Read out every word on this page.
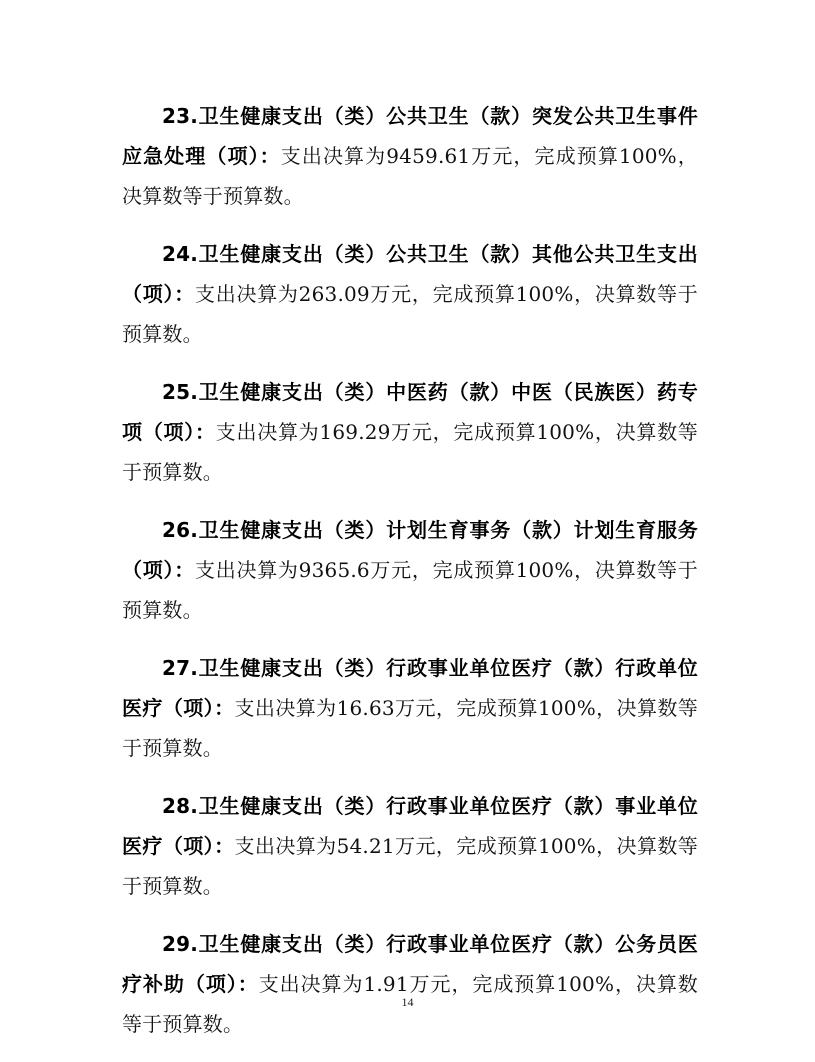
23.卫生健康支出（类）公共卫生（款）突发公共卫生事件应急处理（项）：支出决算为9459.61万元，完成预算100%，决算数等于预算数。

24.卫生健康支出（类）公共卫生（款）其他公共卫生支出（项）：支出决算为263.09万元，完成预算100%，决算数等于预算数。

25.卫生健康支出（类）中医药（款）中医（民族医）药专项（项）：支出决算为169.29万元，完成预算100%，决算数等于预算数。

26.卫生健康支出（类）计划生育事务（款）计划生育服务（项）：支出决算为9365.6万元，完成预算100%，决算数等于预算数。

27.卫生健康支出（类）行政事业单位医疗（款）行政单位医疗（项）：支出决算为16.63万元，完成预算100%，决算数等于预算数。

28.卫生健康支出（类）行政事业单位医疗（款）事业单位医疗（项）：支出决算为54.21万元，完成预算100%，决算数等于预算数。

29.卫生健康支出（类）行政事业单位医疗（款）公务员医疗补助（项）：支出决算为1.91万元，完成预算100%，决算数等于预算数。

14
